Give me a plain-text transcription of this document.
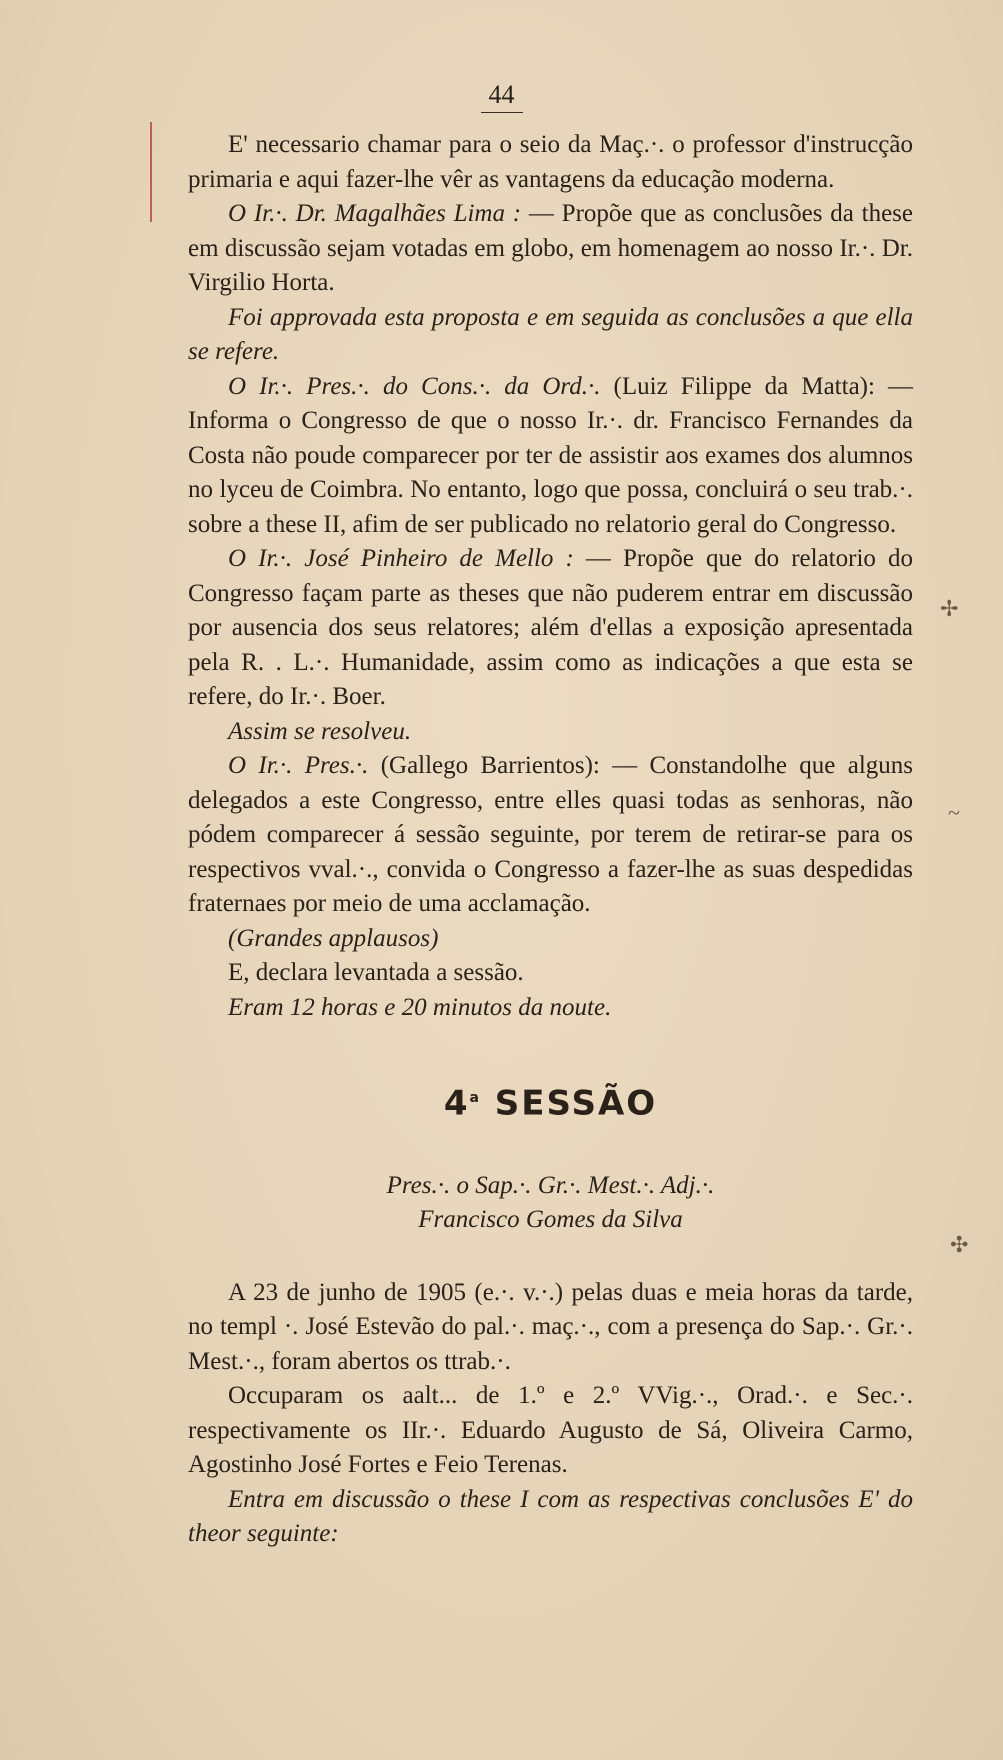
✢
~
✣
44

E' necessario chamar para o seio da Maç.·. o professor d'instrucção primaria e aqui fazer-lhe vêr as vantagens da educação moderna.

O Ir.·. Dr. Magalhães Lima : — Propõe que as conclusões da these em discussão sejam votadas em globo, em homenagem ao nosso Ir.·. Dr. Virgilio Horta.

Foi approvada esta proposta e em seguida as conclusões a que ella se refere.

O Ir.·. Pres.·. do Cons.·. da Ord.·. (Luiz Filippe da Matta): — Informa o Congresso de que o nosso Ir.·. dr. Francisco Fernandes da Costa não poude comparecer por ter de assistir aos exames dos alumnos no lyceu de Coimbra. No entanto, logo que possa, concluirá o seu trab.·. sobre a these II, afim de ser publicado no relatorio geral do Congresso.

O Ir.·. José Pinheiro de Mello : — Propõe que do relatorio do Congresso façam parte as theses que não puderem entrar em discussão por ausencia dos seus relatores; além d'ellas a exposição apresentada pela R. . L.·. Humanidade, assim como as indicações a que esta se refere, do Ir.·. Boer.

Assim se resolveu.

O Ir.·. Pres.·. (Gallego Barrientos): — Constandolhe que alguns delegados a este Congresso, entre elles quasi todas as senhoras, não pódem comparecer á sessão seguinte, por terem de retirar-se para os respectivos vval.·., convida o Congresso a fazer-lhe as suas despedidas fraternaes por meio de uma acclamação.

(Grandes applausos)

E, declara levantada a sessão.

Eram 12 horas e 20 minutos da noute.

4$^a$ SESSÃO

Pres.·. o Sap.·. Gr.·. Mest.·. Adj.·.

Francisco Gomes da Silva

A 23 de junho de 1905 (e.·. v.·.) pelas duas e meia horas da tarde, no templ ·. José Estevão do pal.·. maç.·., com a presença do Sap.·. Gr.·. Mest.·., foram abertos os ttrab.·.

Occuparam os aalt... de 1.º e 2.º VVig.·., Orad.·. e Sec.·. respectivamente os IIr.·. Eduardo Augusto de Sá, Oliveira Carmo, Agostinho José Fortes e Feio Terenas.

Entra em discussão o these I com as respectivas conclusões E' do theor seguinte:
